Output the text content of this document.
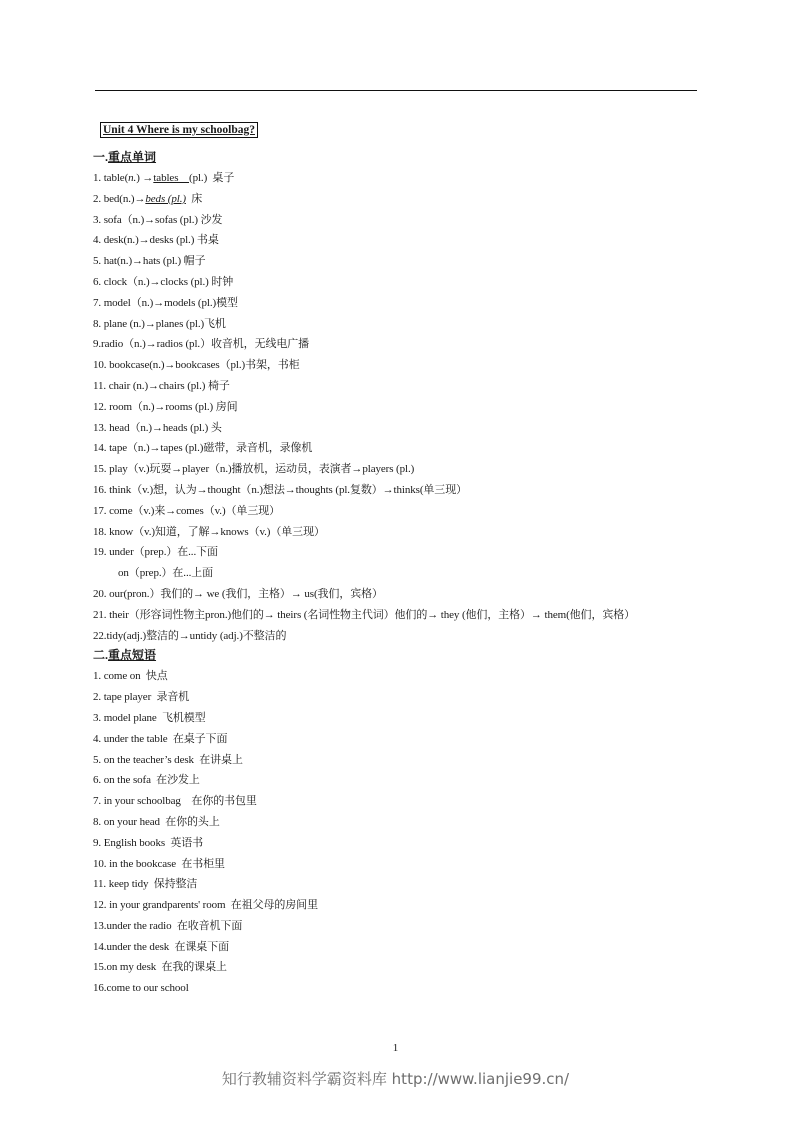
Unit 4 Where is my schoolbag?
一.重点单词
1. table(n.) →tables    (pl.)  桌子
2. bed(n.)→beds (pl.)  床
3. sofa（n.)→sofas (pl.) 沙发
4. desk(n.)→desks (pl.) 书桌
5. hat(n.)→hats (pl.) 帽子
6. clock（n.)→clocks (pl.) 时钟
7. model（n.)→models (pl.)模型
8. plane (n.)→planes (pl.)飞机
9.radio（n.)→radios (pl.）收音机，无线电广播
10. bookcase(n.)→bookcases（pl.)书架，书柜
11. chair (n.)→chairs (pl.) 椅子
12. room（n.)→rooms (pl.) 房间
13. head（n.)→heads (pl.) 头
14. tape（n.)→tapes (pl.)磁带，录音机，录像机
15. play（v.)玩耍→player（n.)播放机，运动员，表演者→players (pl.)
16. think（v.)想，认为→thought（n.)想法→thoughts (pl.复数）→thinks(单三现）
17. come（v.)来→comes（v.)（单三现）
18. know（v.)知道，了解→knows（v.)（单三现）
19. under（prep.）在...下面
on（prep.）在...上面
20. our(pron.）我们的→ we (我们，主格）→ us(我们，宾格）
21. their（形容词性物主pron.)他们的→ theirs (名词性物主代词）他们的→ they (他们，主格）→ them(他们，宾格）
22.tidy(adj.)整洁的→untidy (adj.)不整洁的
二.重点短语
1. come on  快点
2. tape player  录音机
3. model plane  飞机模型
4. under the table  在桌子下面
5. on the teacher’s desk  在讲桌上
6. on the sofa  在沙发上
7. in your schoolbag    在你的书包里
8. on your head  在你的头上
9. English books  英语书
10. in the bookcase  在书柜里
11. keep tidy  保持整洁
12. in your grandparents' room  在祖父母的房间里
13.under the radio  在收音机下面
14.under the desk  在课桌下面
15.on my desk  在我的课桌上
16.come to our school
1
知行教辅资料学霸资料库 http://www.lianjie99.cn/
